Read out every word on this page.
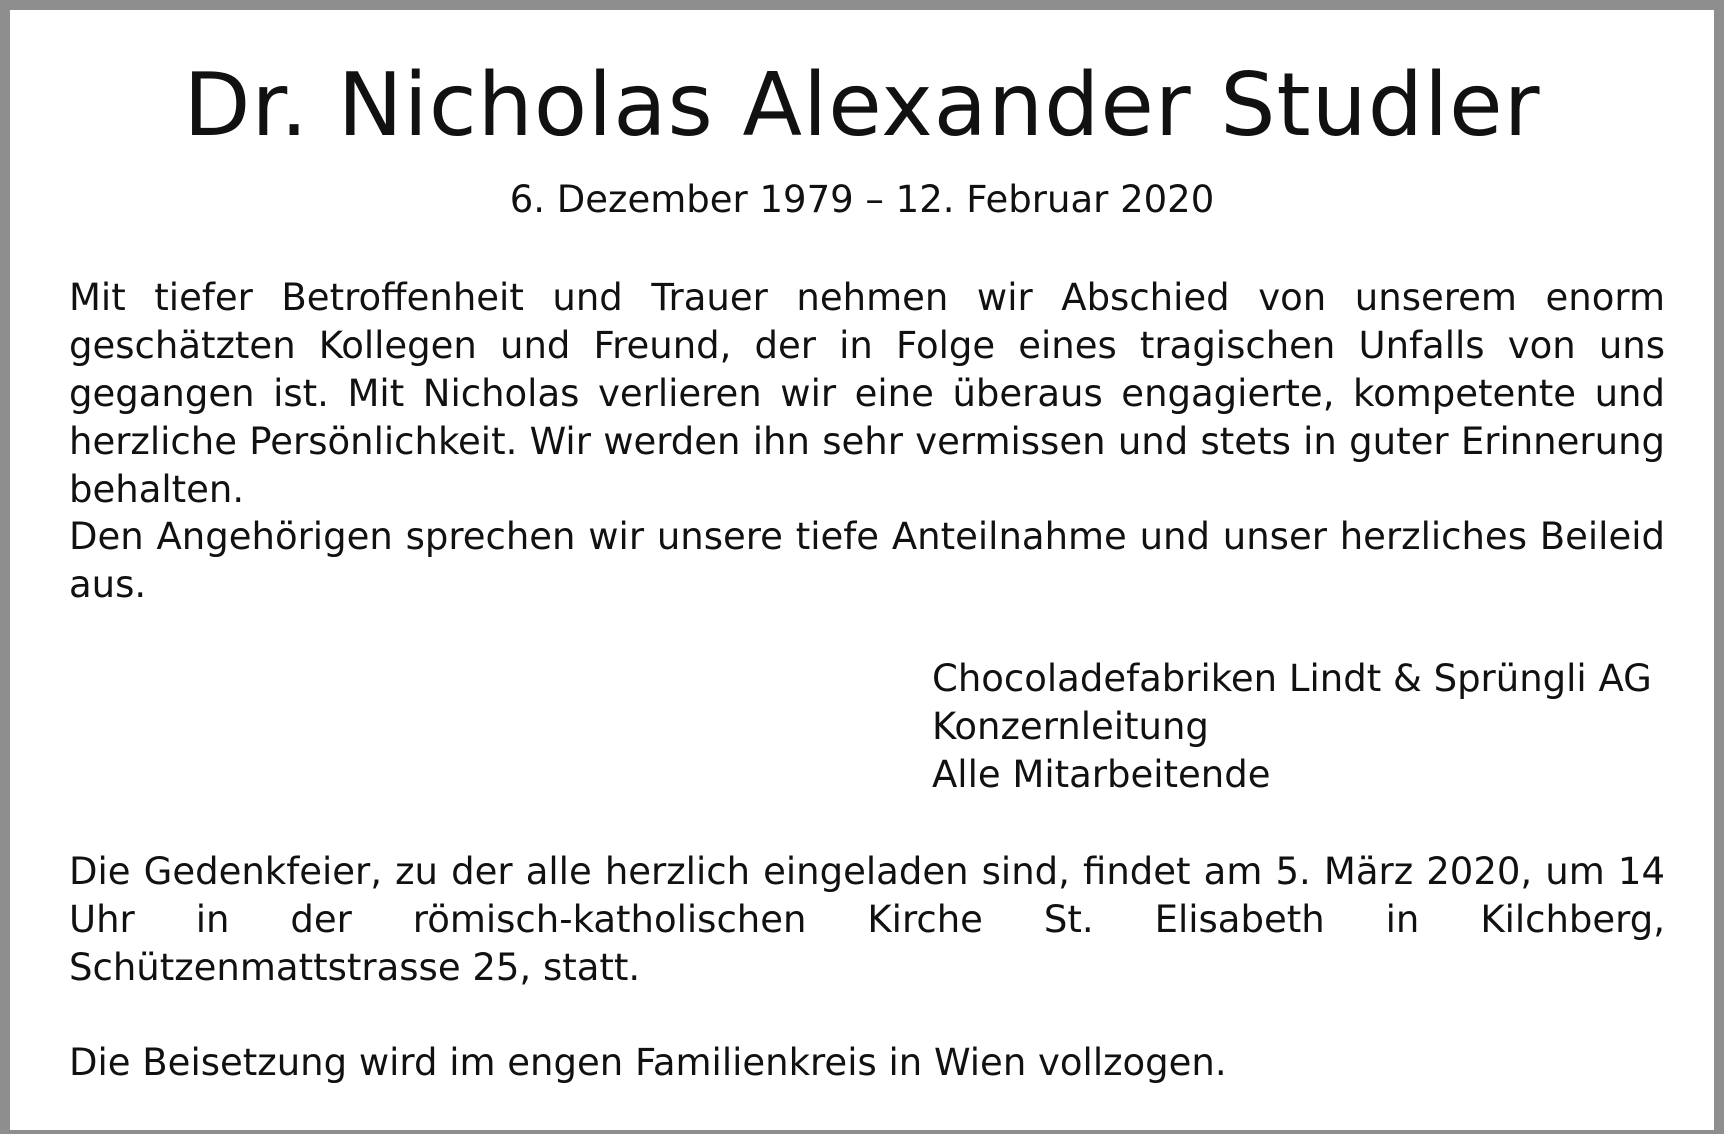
Dr. Nicholas Alexander Studler
6. Dezember 1979 – 12. Februar 2020

Mit tiefer Betroffenheit und Trauer nehmen wir Abschied von unserem enorm geschätzten Kollegen und Freund, der in Folge eines tragischen Unfalls von uns gegangen ist. Mit Nicholas verlieren wir eine überaus engagierte, kompetente und herzliche Persönlichkeit. Wir werden ihn sehr vermissen und stets in guter Erinnerung behalten.

Den Angehörigen sprechen wir unsere tiefe Anteilnahme und unser herzliches Beileid aus.

Chocoladefabriken Lindt & Sprüngli AG
Konzernleitung
Alle Mitarbeitende

Die Gedenkfeier, zu der alle herzlich eingeladen sind, findet am 5. März 2020, um 14 Uhr in der römisch-katholischen Kirche St. Elisabeth in Kilchberg, Schützenmattstrasse 25, statt.

Die Beisetzung wird im engen Familienkreis in Wien vollzogen.
